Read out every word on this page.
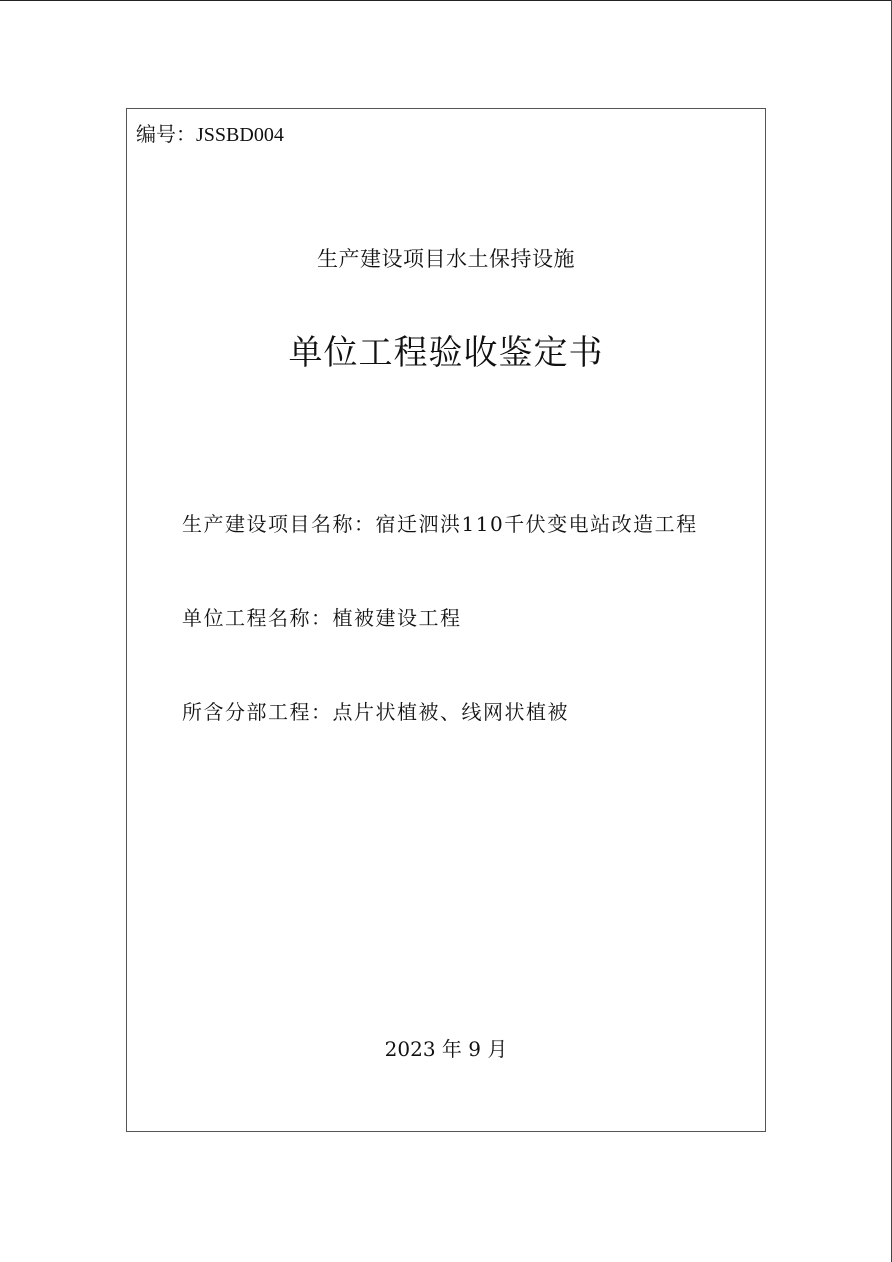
编号：JSSBD004
生产建设项目水土保持设施
单位工程验收鉴定书
生产建设项目名称：宿迁泗洪110千伏变电站改造工程
单位工程名称：植被建设工程
所含分部工程：点片状植被、线网状植被
2023 年 9 月
